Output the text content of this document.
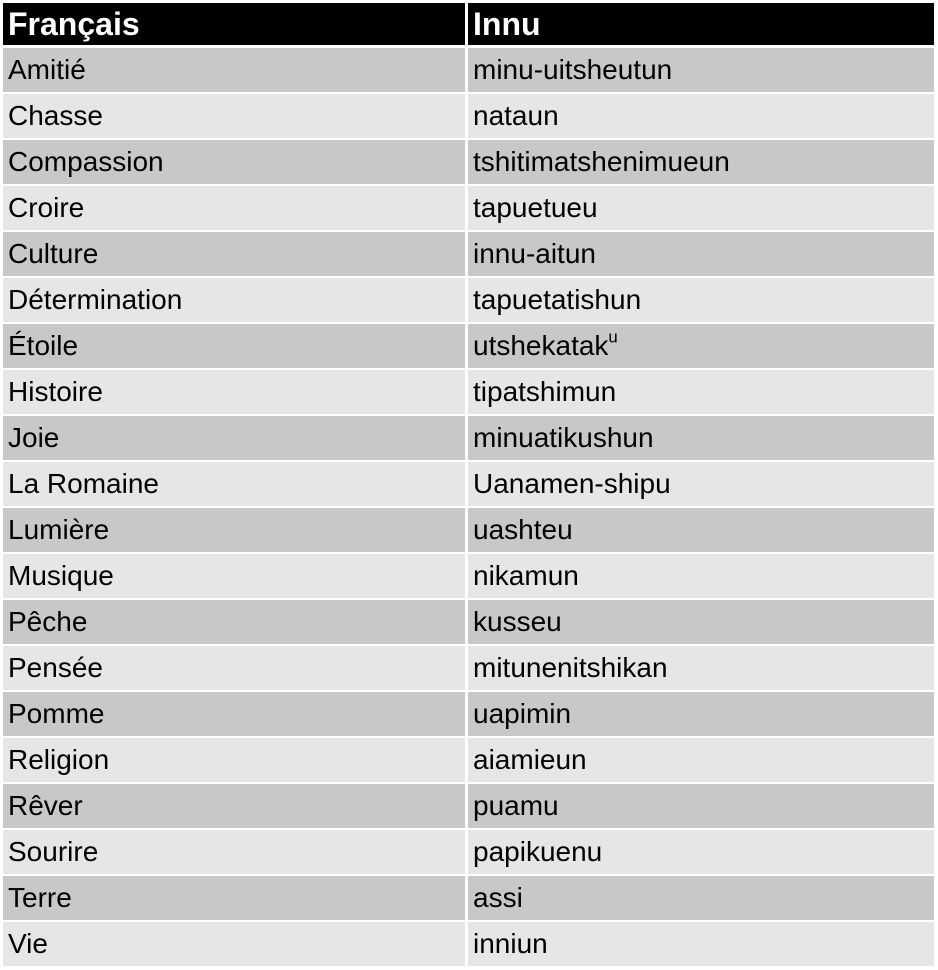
Français	Innu
Amitié	minu-uitsheutun
Chasse	nataun
Compassion	tshitimatshenimueun
Croire	tapuetueu
Culture	innu-aitun
Détermination	tapuetatishun
Étoile	utshekatak$^u$
Histoire	tipatshimun
Joie	minuatikushun
La Romaine	Uanamen-shipu
Lumière	uashteu
Musique	nikamun
Pêche	kusseu
Pensée	mitunenitshikan
Pomme	uapimin
Religion	aiamieun
Rêver	puamu
Sourire	papikuenu
Terre	assi
Vie	inniun
